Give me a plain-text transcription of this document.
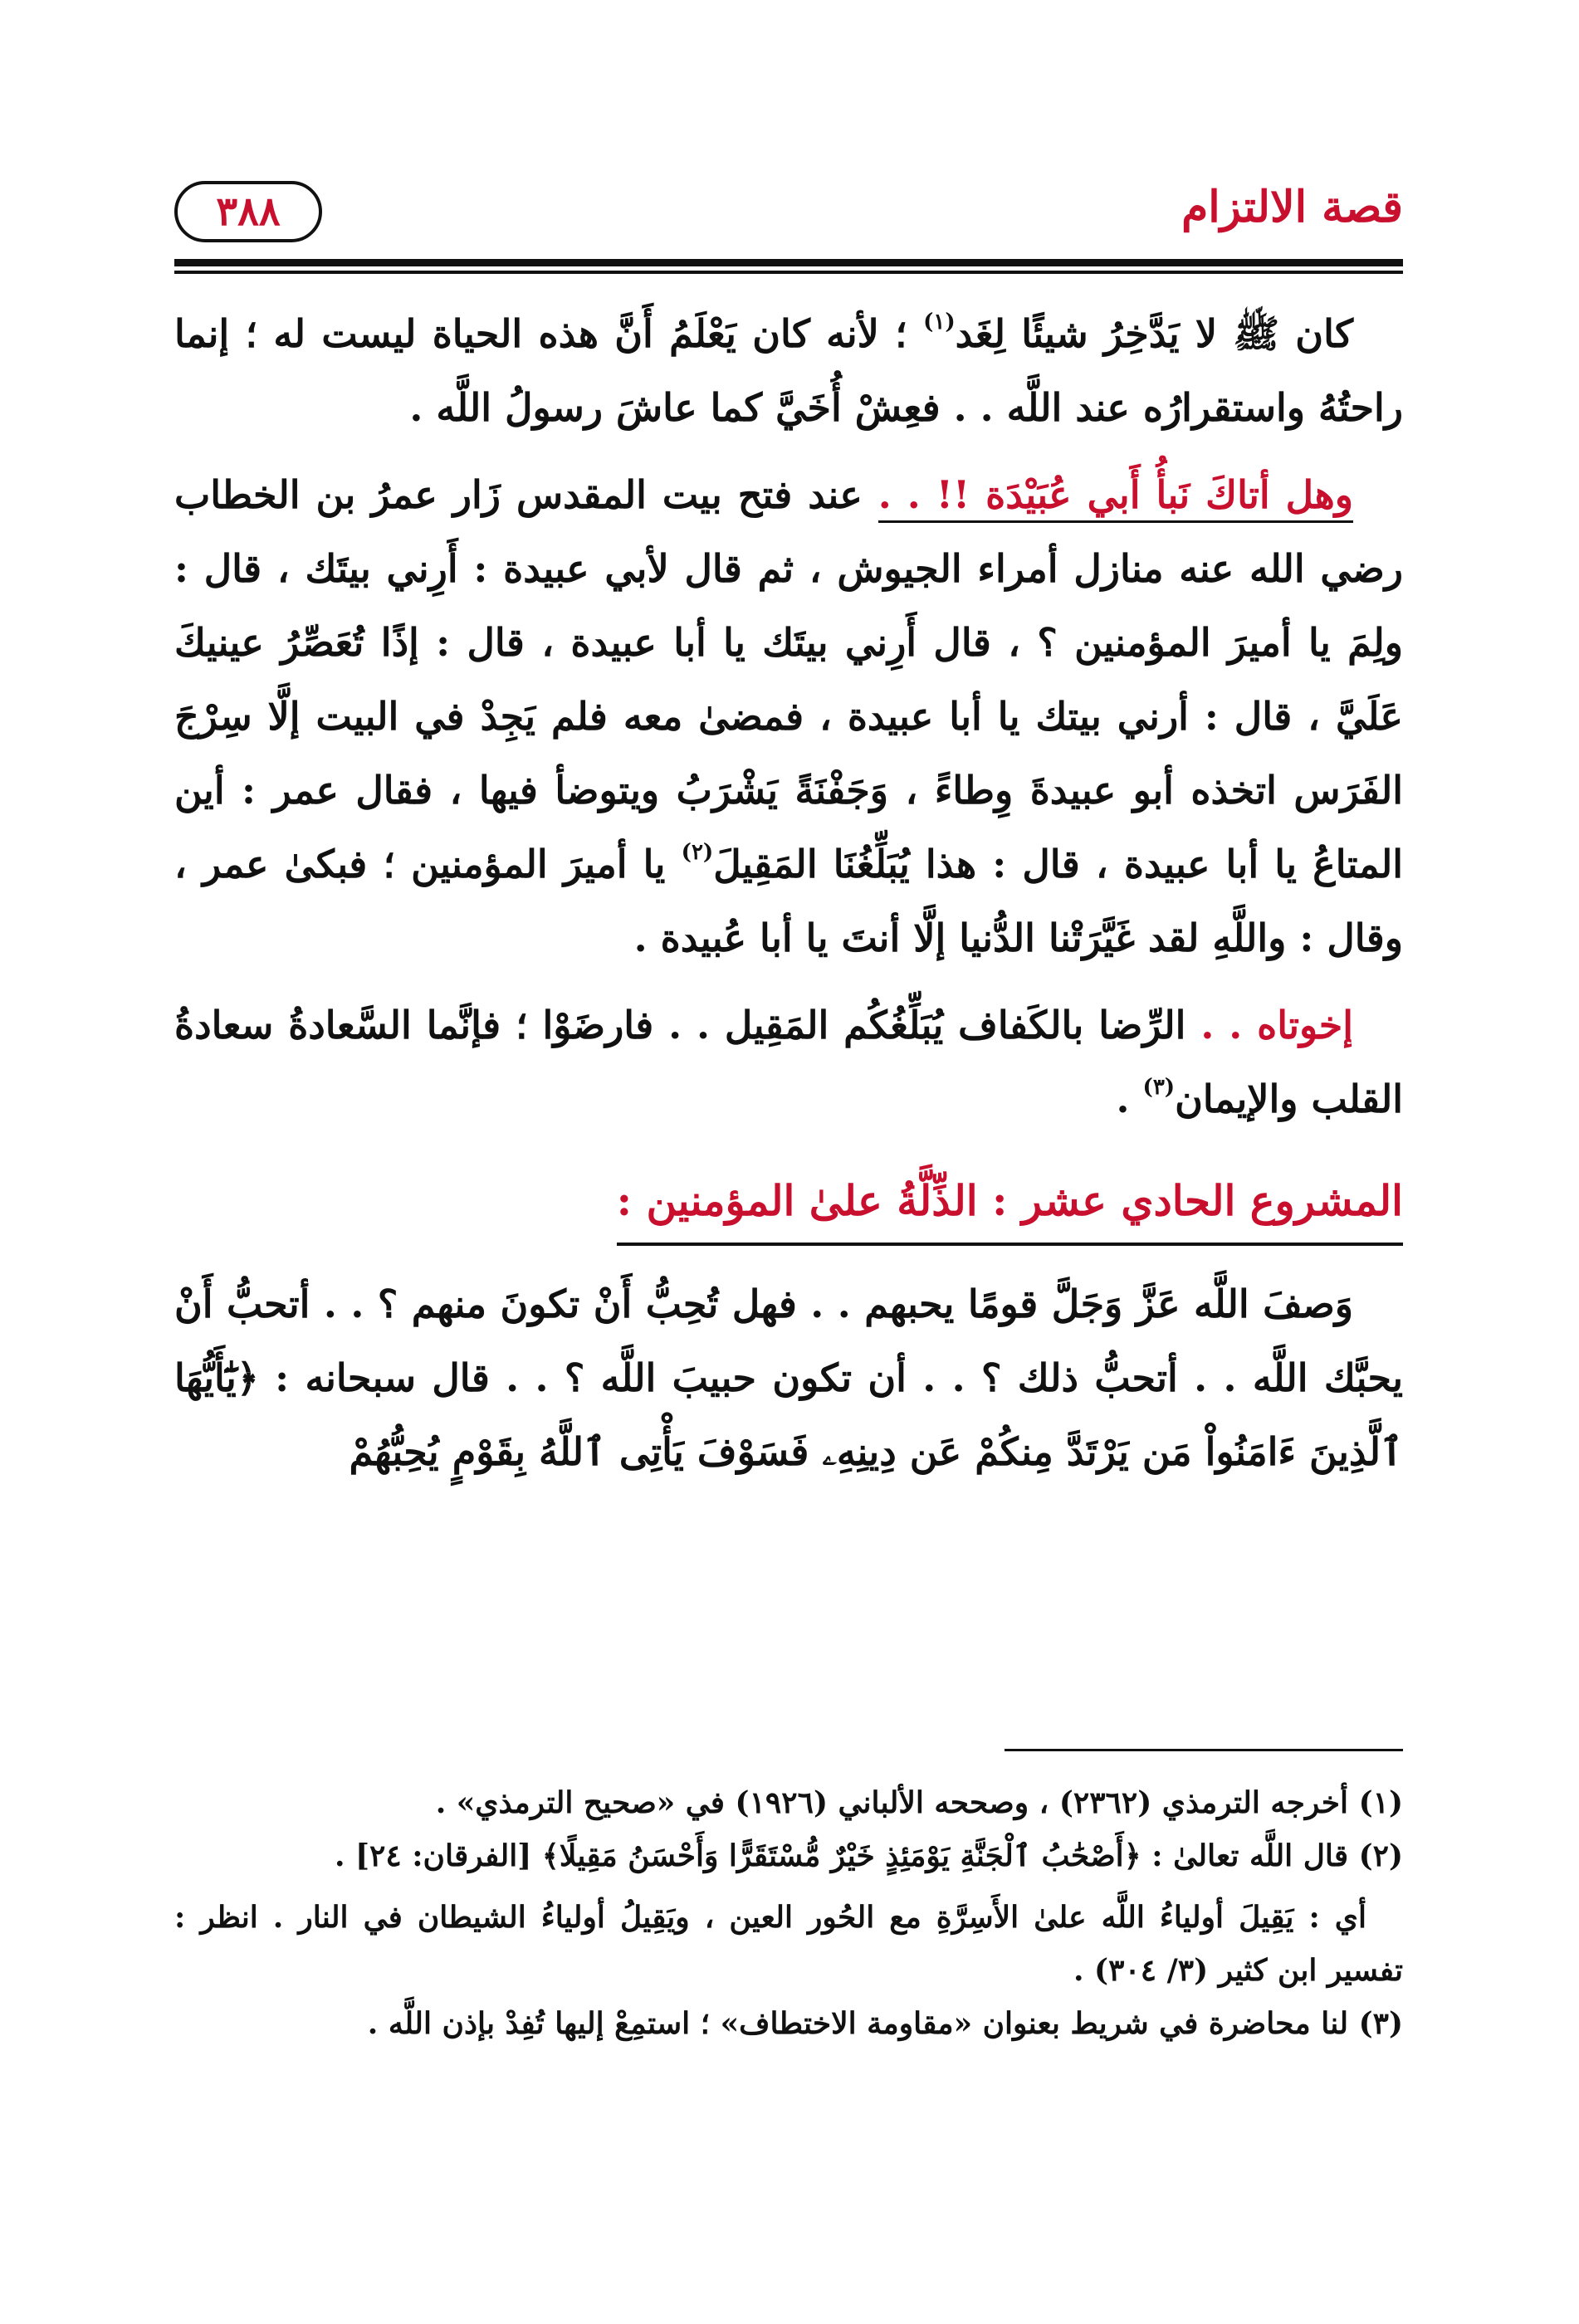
٣٨٨	قصة الالتزام

كان ﷺ لا يَدَّخِرُ شيئًا لِغَد$^{(١)}$ ؛ لأنه كان يَعْلَمُ أَنَّ هذه الحياة ليست له ؛ إنما راحتُهُ واستقرارُه عند اللَّه . . فعِشْ أُخَيَّ كما عاشَ رسولُ اللَّه .

وهل أتاكَ نَبأُ أَبي عُبَيْدَة !! . . عند فتح بيت المقدس زَار عمرُ بن الخطاب رضي الله عنه منازل أمراء الجيوش ، ثم قال لأبي عبيدة : أَرِني بيتَك ، قال : ولِمَ يا أميرَ المؤمنين ؟ ، قال أَرِني بيتَك يا أبا عبيدة ، قال : إذًا تُعَصِّرُ عينيكَ عَلَيَّ ، قال : أرني بيتك يا أبا عبيدة ، فمضىٰ معه فلم يَجِدْ في البيت إلَّا سِرْجَ الفَرَس اتخذه أبو عبيدةَ وِطاءً ، وَجَفْنَةً يَشْرَبُ ويتوضأ فيها ، فقال عمر : أين المتاعُ يا أبا عبيدة ، قال : هذا يُبَلِّغُنَا المَقِيلَ$^{(٢)}$ يا أميرَ المؤمنين ؛ فبكىٰ عمر ، وقال : واللَّهِ لقد غَيَّرَتْنا الدُّنيا إلَّا أنتَ يا أبا عُبيدة .

إخوتاه . . الرِّضا بالكَفاف يُبَلِّغُكُم المَقِيل . . فارضَوْا ؛ فإنَّما السَّعادةُ سعادةُ القلب والإيمان$^{(٣)}$ .

المشروع الحادي عشر : الذِّلَّةُ علىٰ المؤمنين :

وَصفَ اللَّه عَزَّ وَجَلَّ قومًا يحبهم . . فهل تُحِبُّ أَنْ تكونَ منهم ؟ . . أتحبُّ أَنْ يحبَّك اللَّه . . أتحبُّ ذلك ؟ . . أن تكون حبيبَ اللَّه ؟ . . قال سبحانه : ﴿يَٰٓأَيُّهَا ٱلَّذِينَ ءَامَنُواْ مَن يَرْتَدَّ مِنكُمْ عَن دِينِهِۦ فَسَوْفَ يَأْتِى ٱللَّهُ بِقَوْمٍ يُحِبُّهُمْ

(١) أخرجه الترمذي (٢٣٦٢) ، وصححه الألباني (١٩٢٦) في «صحيح الترمذي» .

(٢) قال اللَّه تعالىٰ : ﴿أَصْحَٰبُ ٱلْجَنَّةِ يَوْمَئِذٍ خَيْرٌ مُّسْتَقَرًّا وَأَحْسَنُ مَقِيلًا﴾ [الفرقان: ٢٤] .

أي : يَقِيلَ أولياءُ اللَّه علىٰ الأَسِرَّةِ مع الحُور العين ، ويَقِيلُ أولياءُ الشيطان في النار . انظر : تفسير ابن كثير (٣/ ٣٠٤) .

(٣) لنا محاضرة في شريط بعنوان «مقاومة الاختطاف» ؛ استمِعْ إليها تُفِدْ بإذن اللَّه .
